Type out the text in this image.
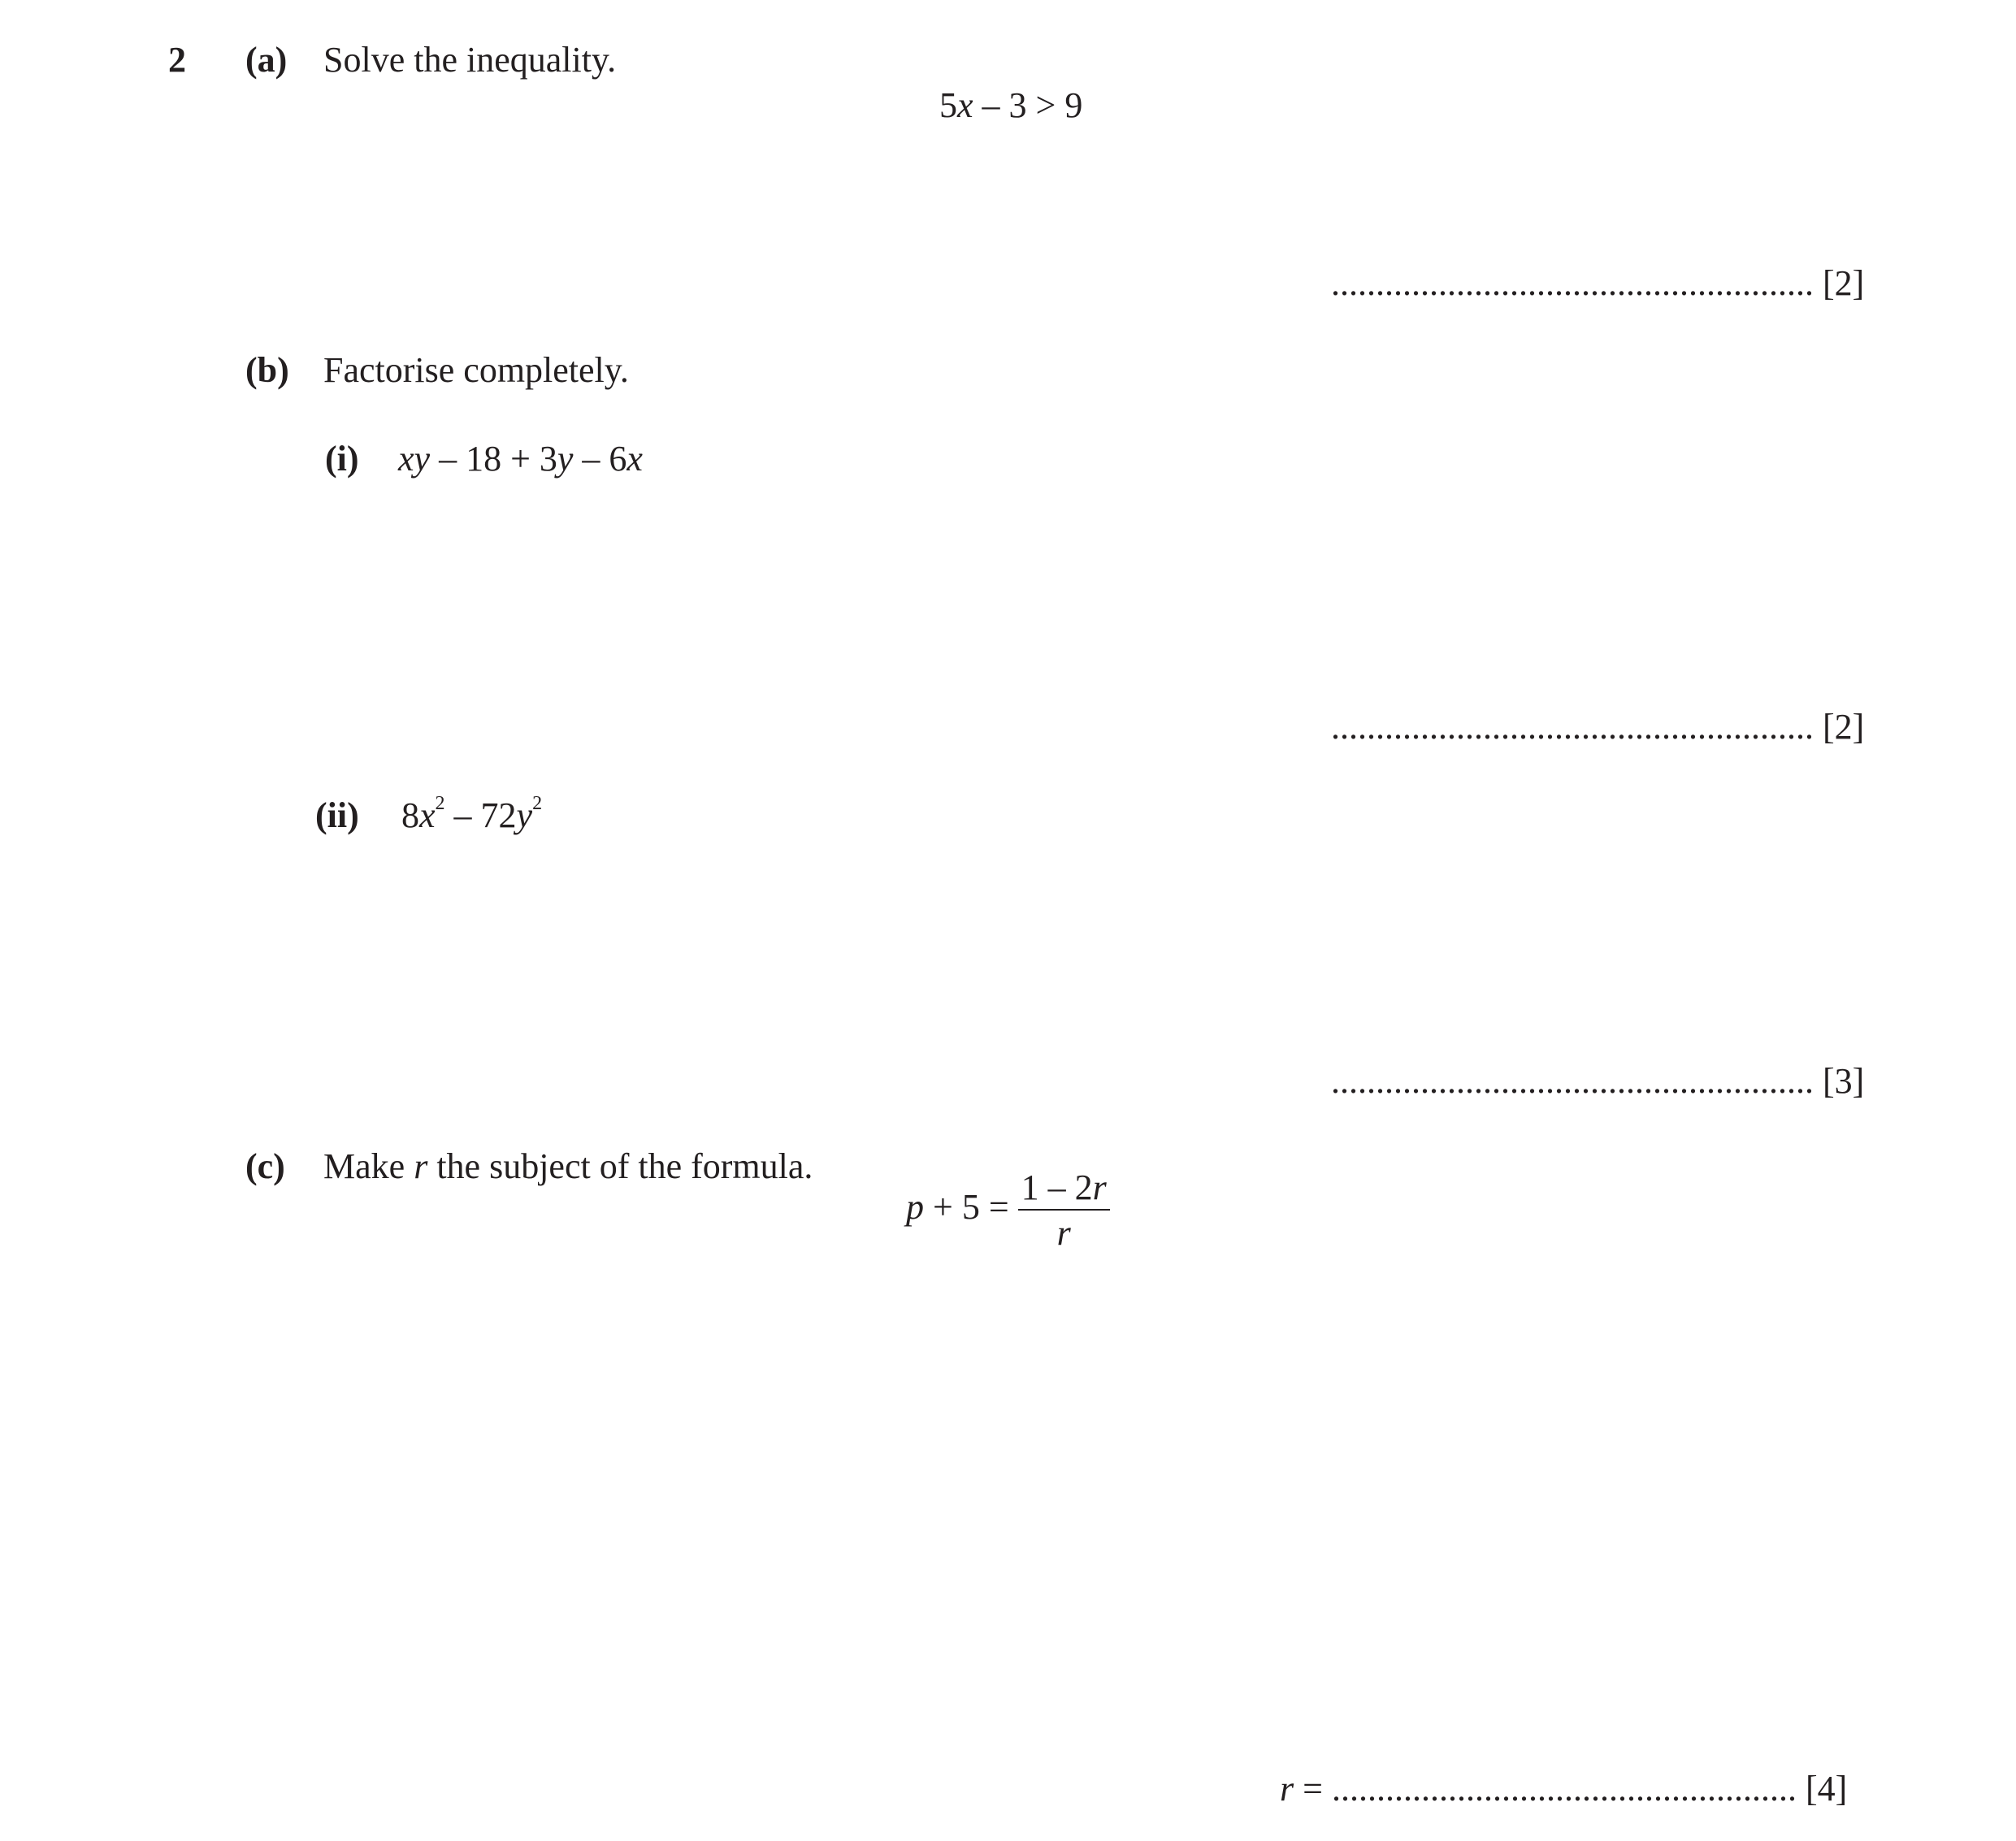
2 (a) Solve the inequality.
5x – 3 > 9
...................................................... [2]
(b) Factorise completely.
(i) xy – 18 + 3y – 6x
...................................................... [2]
(ii) $8x^2 - 72y^2$
...................................................... [3]
(c) Make r the subject of the formula.
$p + 5 = \frac{1 - 2r}{r}$
r = .................................................... [4]
